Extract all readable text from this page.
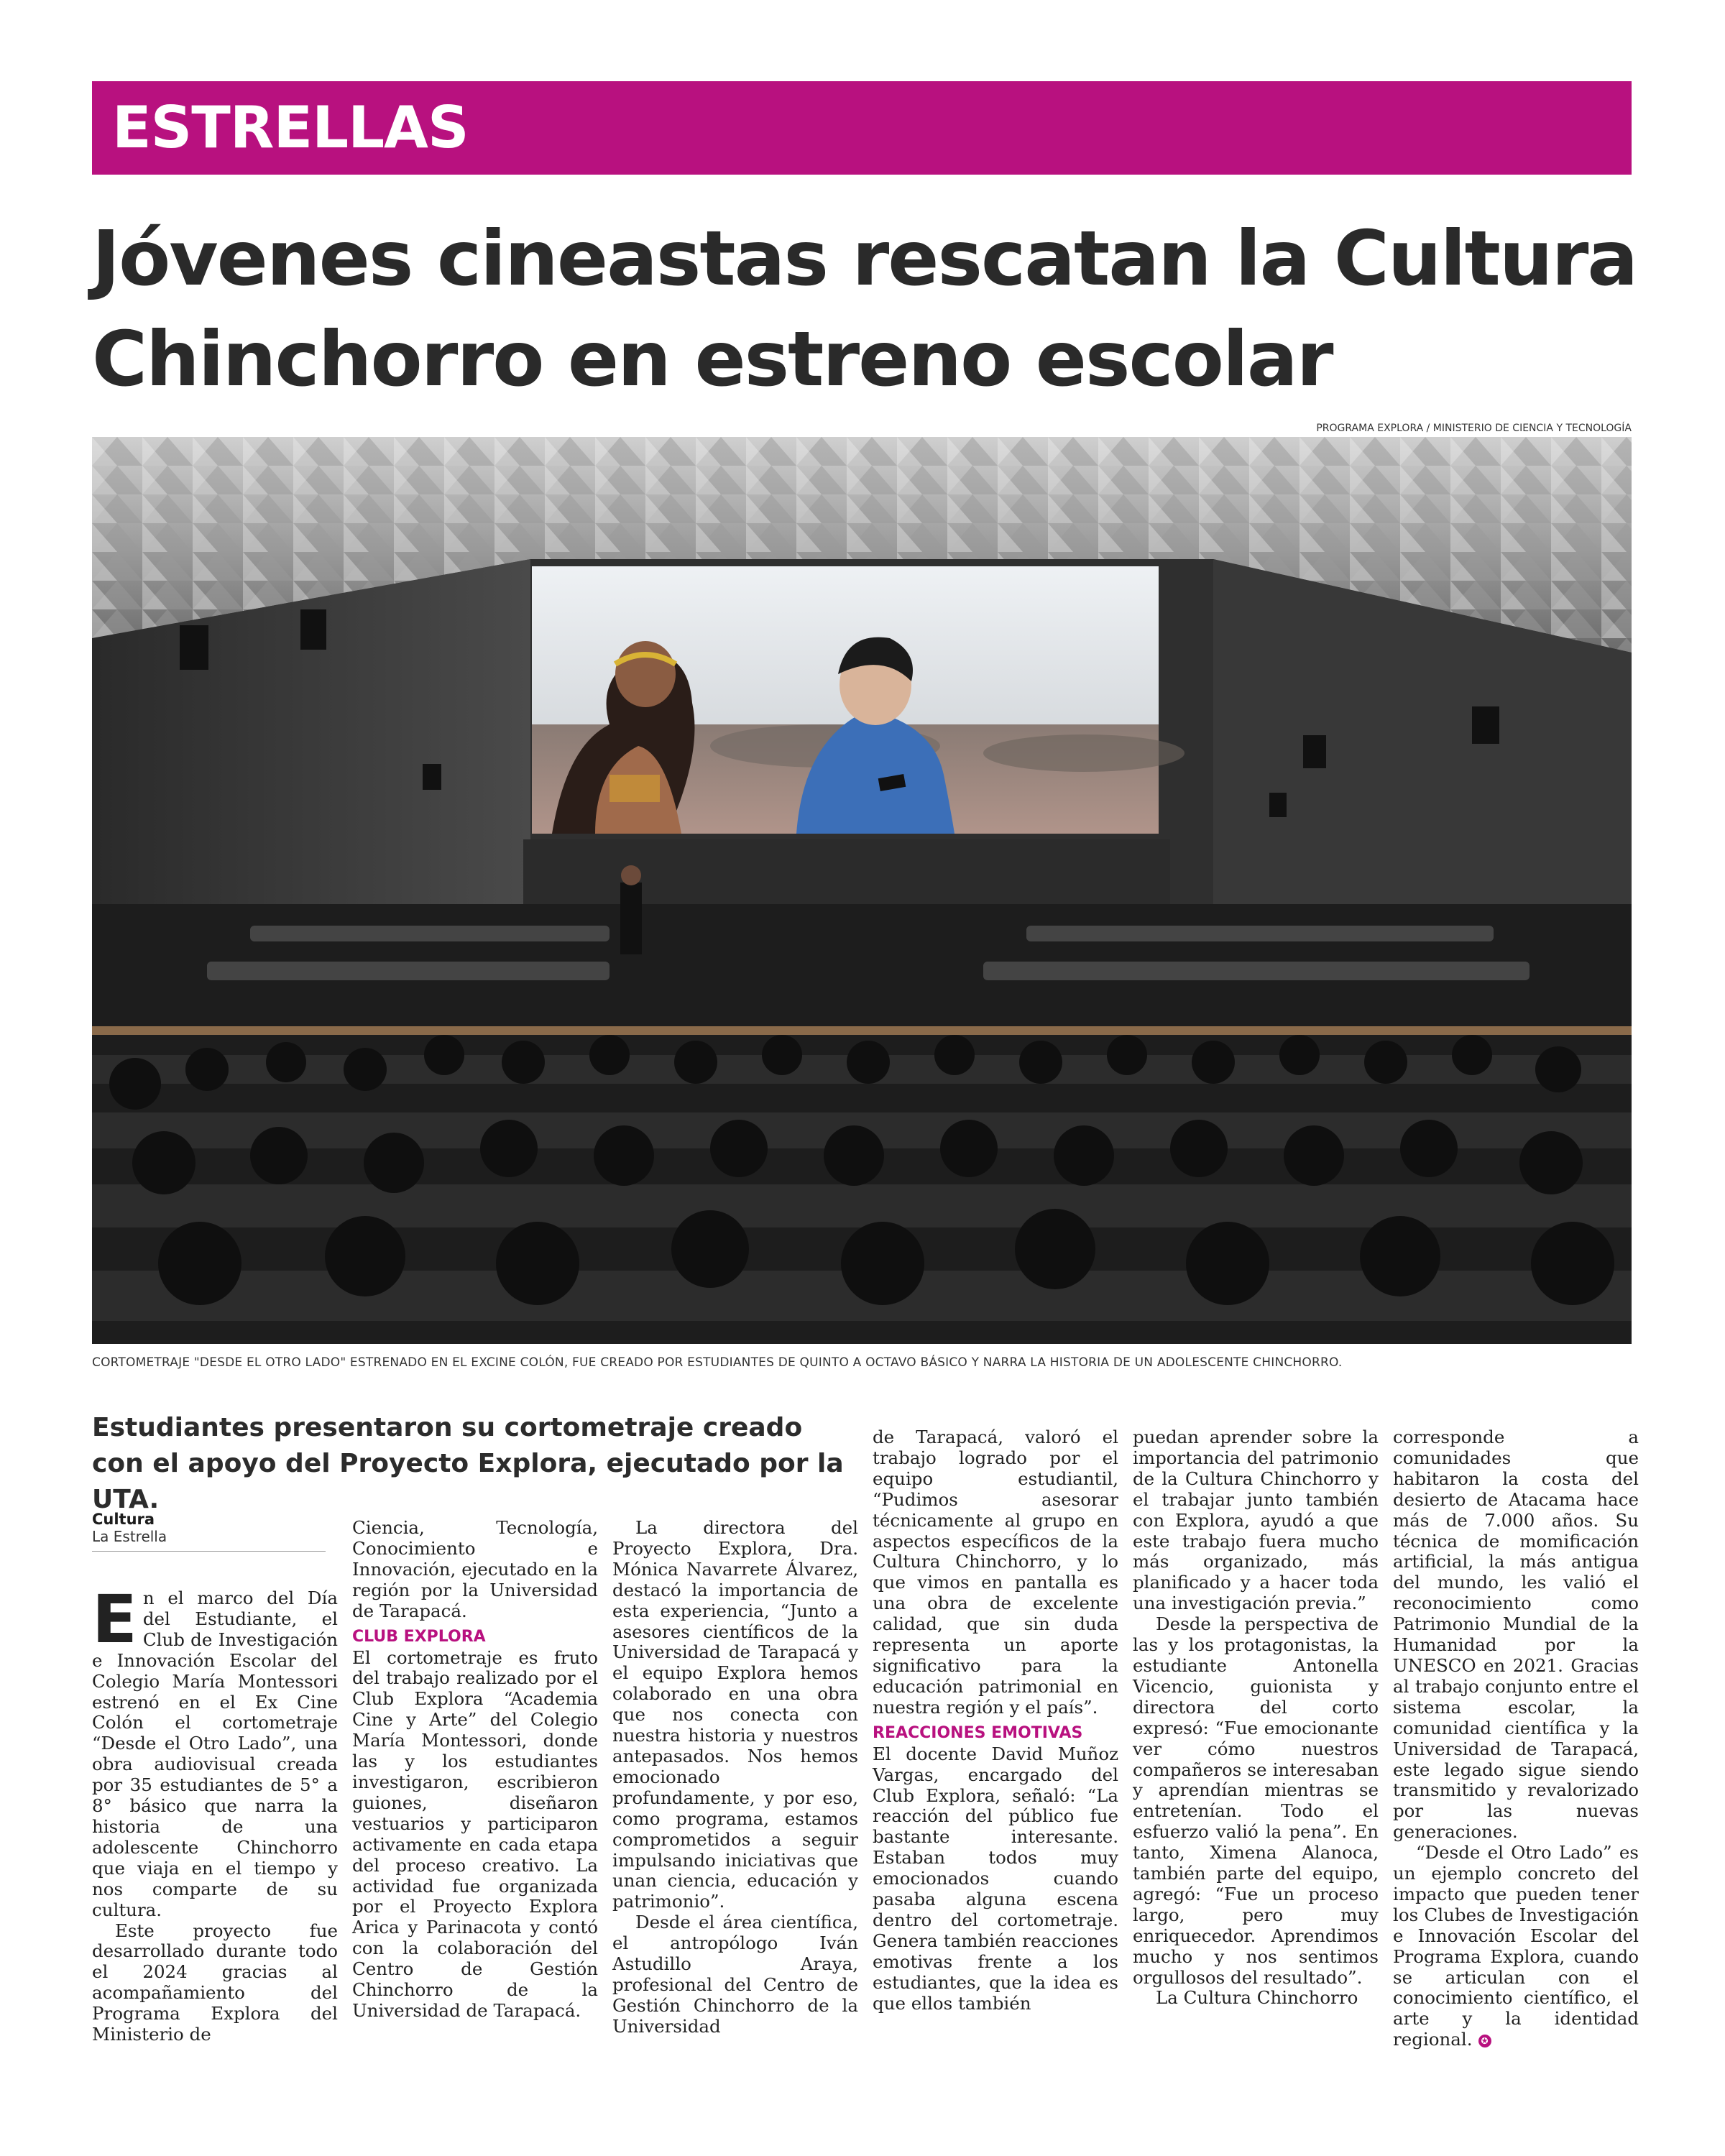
ESTRELLAS
Jóvenes cineastas rescatan la Cultura
Chinchorro en estreno escolar
PROGRAMA EXPLORA / MINISTERIO DE CIENCIA Y TECNOLOGÍA
CORTOMETRAJE "DESDE EL OTRO LADO" ESTRENADO EN EL EXCINE COLÓN, FUE CREADO POR ESTUDIANTES DE QUINTO A OCTAVO BÁSICO Y NARRA LA HISTORIA DE UN ADOLESCENTE CHINCHORRO.
Estudiantes presentaron su cortometraje creado con el apoyo del Proyecto Explora, ejecutado por la UTA.
Cultura
La Estrella

En el marco del Día del Estudiante, el Club de Investigación e Innovación Escolar del Colegio María Montessori estrenó en el Ex Cine Colón el cortometraje “Desde el Otro Lado”, una obra audiovisual creada por 35 estudiantes de 5° a 8° básico que narra la historia de una adolescente Chinchorro que viaja en el tiempo y nos comparte de su cultura.

Este proyecto fue desarrollado durante todo el 2024 gracias al acompañamiento del Programa Explora del Ministerio de

Ciencia, Tecnología, Conocimiento e Innovación, ejecutado en la región por la Universidad de Tarapacá.

CLUB EXPLORA

El cortometraje es fruto del trabajo realizado por el Club Explora “Academia Cine y Arte” del Colegio María Montessori, donde las y los estudiantes investigaron, escribieron guiones, diseñaron vestuarios y participaron activamente en cada etapa del proceso creativo. La actividad fue organizada por el Proyecto Explora Arica y Parinacota y contó con la colaboración del Centro de Gestión Chinchorro de la Universidad de Tarapacá.

La directora del Proyecto Explora, Dra. Mónica Navarrete Álvarez, destacó la importancia de esta experiencia, “Junto a asesores científicos de la Universidad de Tarapacá y el equipo Explora hemos colaborado en una obra que nos conecta con nuestra historia y nuestros antepasados. Nos hemos emocionado profundamente, y por eso, como programa, estamos comprometidos a seguir impulsando iniciativas que unan ciencia, educación y patrimonio”.

Desde el área científica, el antropólogo Iván Astudillo Araya, profesional del Centro de Gestión Chinchorro de la Universidad

de Tarapacá, valoró el trabajo logrado por el equipo estudiantil, “Pudimos asesorar técnicamente al grupo en aspectos específicos de la Cultura Chinchorro, y lo que vimos en pantalla es una obra de excelente calidad, que sin duda representa un aporte significativo para la educación patrimonial en nuestra región y el país”.

REACCIONES EMOTIVAS

El docente David Muñoz Vargas, encargado del Club Explora, señaló: “La reacción del público fue bastante interesante. Estaban todos muy emocionados cuando pasaba alguna escena dentro del cortometraje. Genera también reacciones emotivas frente a los estudiantes, que la idea es que ellos también

puedan aprender sobre la importancia del patrimonio de la Cultura Chinchorro y el trabajar junto también con Explora, ayudó a que este trabajo fuera mucho más organizado, más planificado y a hacer toda una investigación previa.”

Desde la perspectiva de las y los protagonistas, la estudiante Antonella Vicencio, guionista y directora del corto expresó: “Fue emocionante ver cómo nuestros compañeros se interesaban y aprendían mientras se entretenían. Todo el esfuerzo valió la pena”. En tanto, Ximena Alanoca, también parte del equipo, agregó: “Fue un proceso largo, pero muy enriquecedor. Aprendimos mucho y nos sentimos orgullosos del resultado”.

La Cultura Chinchorro

corresponde a comunidades que habitaron la costa del desierto de Atacama hace más de 7.000 años. Su técnica de momificación artificial, la más antigua del mundo, les valió el reconocimiento como Patrimonio Mundial de la Humanidad por la UNESCO en 2021. Gracias al trabajo conjunto entre el sistema escolar, la comunidad científica y la Universidad de Tarapacá, este legado sigue siendo transmitido y revalorizado por las nuevas generaciones.

“Desde el Otro Lado” es un ejemplo concreto del impacto que pueden tener los Clubes de Investigación e Innovación Escolar del Programa Explora, cuando se articulan con el conocimiento científico, el arte y la identidad regional. ✪
